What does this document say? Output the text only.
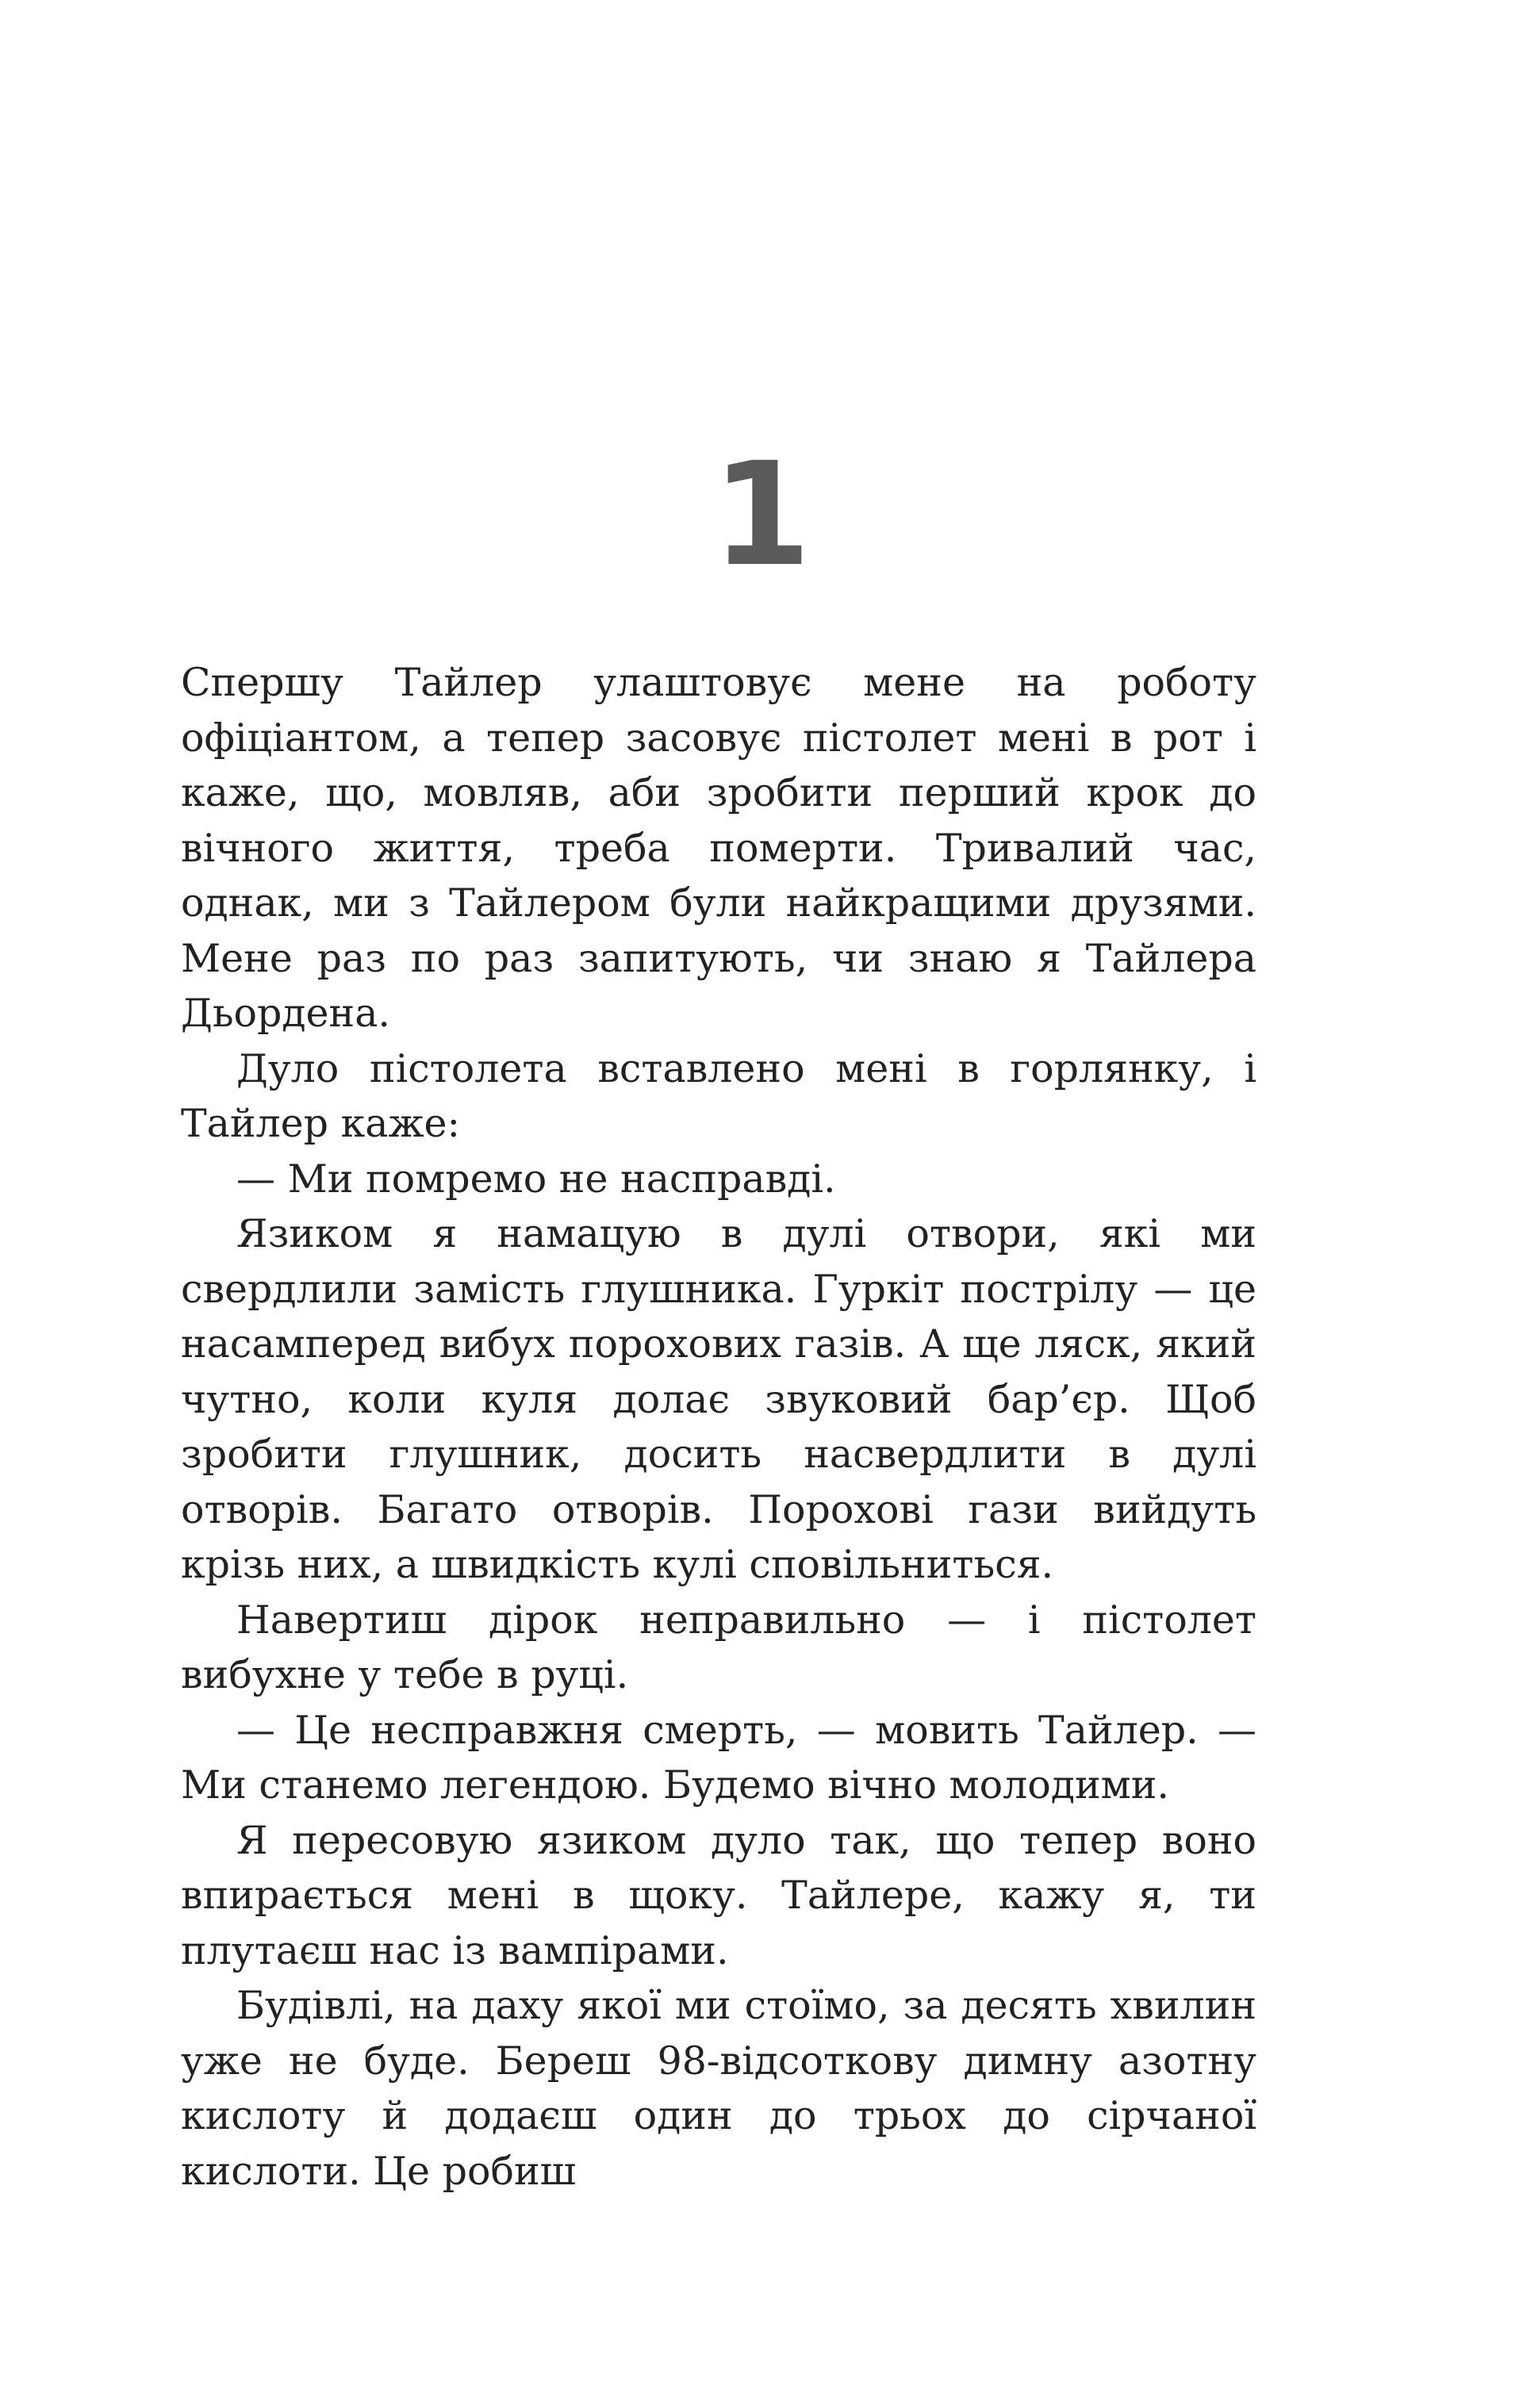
1

Спершу Тайлер улаштовує мене на роботу офіціантом, а тепер засовує пістолет мені в рот і каже, що, мовляв, аби зробити перший крок до вічного життя, треба померти. Тривалий час, однак, ми з Тайлером були найкращими друзями. Мене раз по раз запитують, чи знаю я Тайлера Дьордена.

Дуло пістолета вставлено мені в горлянку, і Тайлер каже:

— Ми помремо не насправді.

Язиком я намацую в дулі отвори, які ми свердлили замість глушника. Гуркіт пострілу — це насамперед вибух порохових газів. А ще ляск, який чутно, коли куля долає звуковий бар’єр. Щоб зробити глушник, досить насвердлити в дулі отворів. Багато отворів. Порохові гази вийдуть крізь них, а швидкість кулі сповільниться.

Навертиш дірок неправильно — і пістолет вибухне у тебе в руці.

— Це несправжня смерть, — мовить Тайлер. — Ми станемо легендою. Будемо вічно молодими.

Я пересовую язиком дуло так, що тепер воно впирається мені в щоку. Тайлере, кажу я, ти плутаєш нас із вампірами.

Будівлі, на даху якої ми стоїмо, за десять хвилин уже не буде. Береш 98-відсоткову димну азотну кислоту й додаєш один до трьох до сірчаної кислоти. Це робиш
